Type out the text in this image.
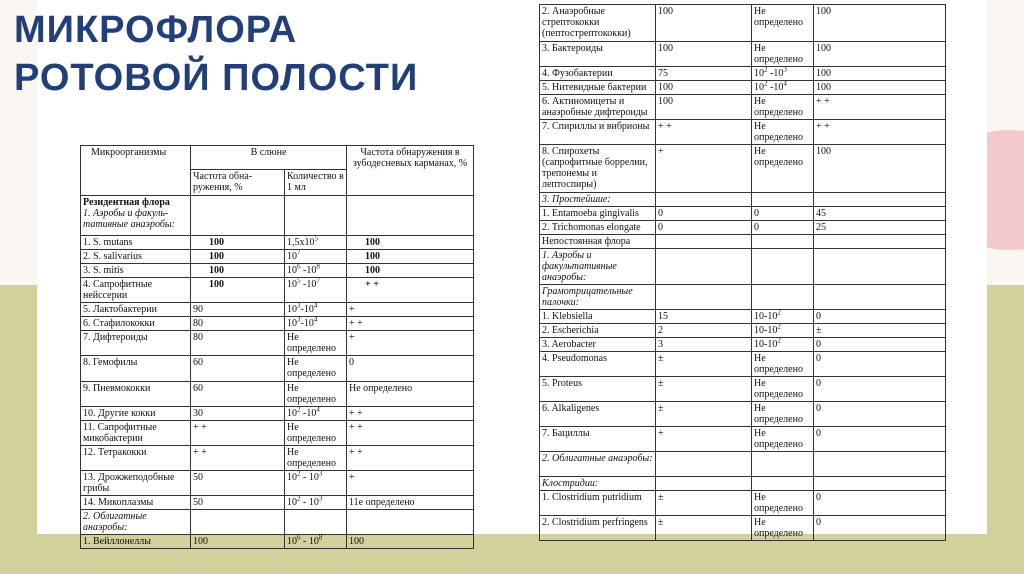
МИКРОФЛОРА
РОТОВОЙ ПОЛОСТИ
Микроорганизмы	В слюне		Частота обнаружения в зубодесневых карманах, %
	Частота обна-ружения, %	Количество в 1 мл	
Резидентная флора
1. Аэробы и факуль-тативные анаэробы:			
1. S. mutans	100	$1,5x10^5$	100
2. S. salivarius	100	$10^7$	100
3. S. mitis	100	$10^6$ $-10^8$	100
4. Сапрофитные нейссерии	100	$10^5$ $-10^7$	+ +
5. Лактобактерии	90	$10^3-10^4$	+
6. Стафилококки	80	$10^3-10^4$	+ +
7. Дифтероиды	80	Не определено	+
8. Гемофилы	60	Не определено	0
9. Пневмококки	60	Не определено	Не определено
10. Другие кокки	30	$10^2$ $-10^4$	+ +
11. Сапрофитные микобактерии	+ +	Не определено	+ +
12. Тетракокки	+ +	Не определено	+ +
13. Дрожжеподобные грибы	50	$10^2 - 10^3$	+
14. Микоплазмы	50	$10^2 - 10^3$	11е определено
2. Облигатные анаэробы:			
1. Вейллонеллы	100	$10^6 - 10^8$	100
2. Анаэробные стрептококки (пептострептококки)	100	Не определено	100
3. Бактероиды	100	Не определено	100
4. Фузобактерии	75	$10^2$ $-10^3$	100
5. Нитевидные бактерии	100	$10^2$ $-10^4$	100
6. Актиномицеты и анаэробные дифтероиды	100	Не определено	+ +
7. Спириллы и вибрионы	+ +	Не определено	+ +
8. Спирохеты (сапрофитные боррелии, трепонемы и лептоспиры)	+	Не определено	100
3. Простейшие:			
1. Entamoeba gingivalis	0	0	45
2. Trichomonas elongate	0	0	25
Непостоянная флора			
1. Аэробы и факультативные анаэробы:			
Грамотрицательные палочки:			
1. Klebsiella	15	$10-10^2$	0
2. Escherichia	2	$10-10^2$	±
3. Aerobacter	3	$10-10^2$	0
4. Pseudomonas	±	Не определено	0
5. Proteus	±	Не определено	0
6. Alkaligenes	±	Не определено	0
7. Бациллы	+	Не определено	0
2. Облигатные анаэробы:			
Клостридии:			
1. Clostridium putridium	±	Не определено	0
2. Clostridium perfringens	±	Не определено	0
